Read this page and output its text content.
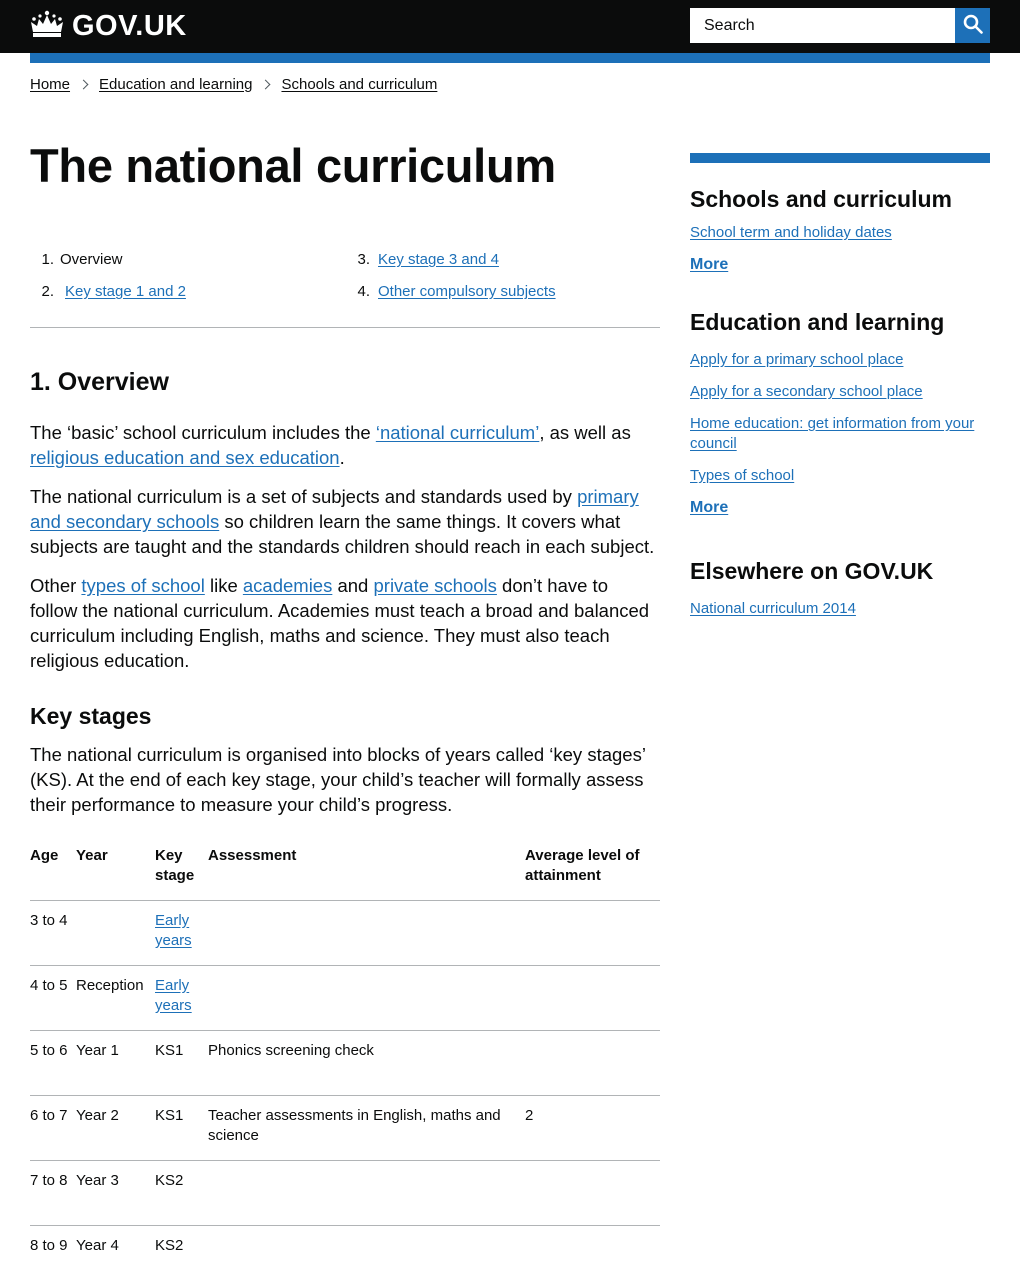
GOV.UK
Search
Home Education and learning Schools and curriculum
The national curriculum
1. Overview
2. Key stage 1 and 2
3. Key stage 3 and 4
4. Other compulsory subjects
1. Overview

The ‘basic’ school curriculum includes the ‘national curriculum’, as well as religious education and sex education.

The national curriculum is a set of subjects and standards used by primary and secondary schools so children learn the same things. It covers what subjects are taught and the standards children should reach in each subject.

Other types of school like academies and private schools don’t have to follow the national curriculum. Academies must teach a broad and balanced curriculum including English, maths and science. They must also teach religious education.

Key stages

The national curriculum is organised into blocks of years called ‘key stages’ (KS). At the end of each key stage, your child’s teacher will formally assess their performance to measure your child’s progress.

Age	Year	Key stage	Assessment	Average level of attainment
3 to 4		Early years		
4 to 5	Reception	Early years		
5 to 6	Year 1	KS1	Phonics screening check	
6 to 7	Year 2	KS1	Teacher assessments in English, maths and science	2
7 to 8	Year 3	KS2		
8 to 9	Year 4	KS2		
Schools and curriculum
School term and holiday dates
More
Education and learning
Apply for a primary school place
Apply for a secondary school place
Home education: get information from your council
Types of school
More
Elsewhere on GOV.UK
National curriculum 2014
